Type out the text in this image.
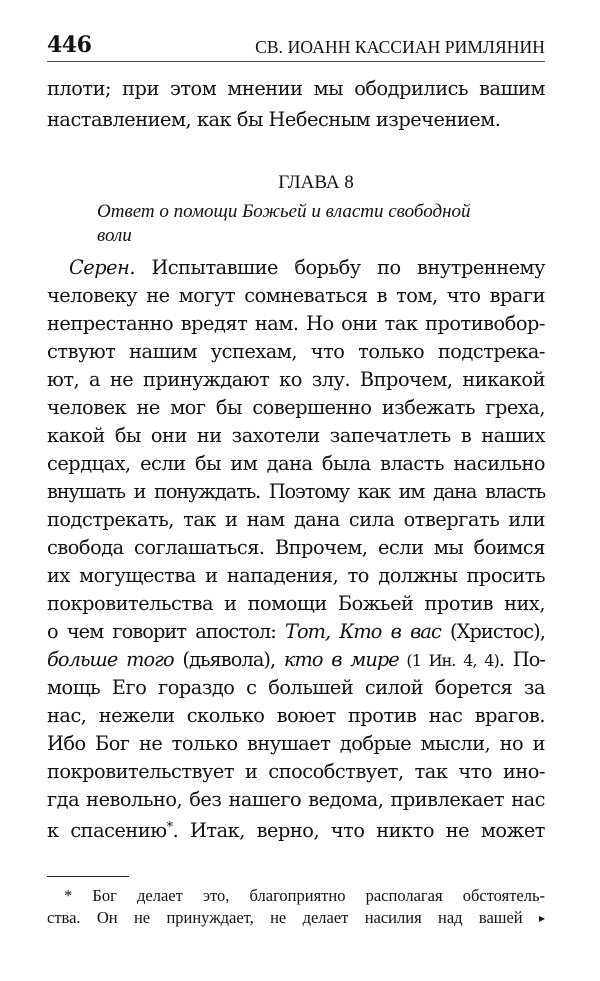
446	СВ. ИОАНН КАССИАН РИМЛЯНИН
плоти; при этом мнении мы ободрились вашим
наставлением, как бы Небесным изречением.
ГЛАВА 8
Ответ о помощи Божьей и власти свободной
воли
Серен. Испытавшие борьбу по внутреннему
человеку не могут сомневаться в том, что враги
непрестанно вредят нам. Но они так противобор-
ствуют нашим успехам, что только подстрека-
ют, а не принуждают ко злу. Впрочем, никакой
человек не мог бы совершенно избежать греха,
какой бы они ни захотели запечатлеть в наших
сердцах, если бы им дана была власть насильно
внушать и понуждать. Поэтому как им дана власть
подстрекать, так и нам дана сила отвергать или
свобода соглашаться. Впрочем, если мы боимся
их могущества и нападения, то должны просить
покровительства и помощи Божьей против них,
о чем говорит апостол: Тот, Кто в вас (Христос),
больше того (дьявола), кто в мире (1 Ин. 4, 4). По-
мощь Его гораздо с большей силой борется за
нас, нежели сколько воюет против нас врагов.
Ибо Бог не только внушает добрые мысли, но и
покровительствует и способствует, так что ино-
гда невольно, без нашего ведома, привлекает нас
к спасению*. Итак, верно, что никто не может
* Бог делает это, благоприятно располагая обстоятель-
ства. Он не принуждает, не делает насилия над вашей ▸
